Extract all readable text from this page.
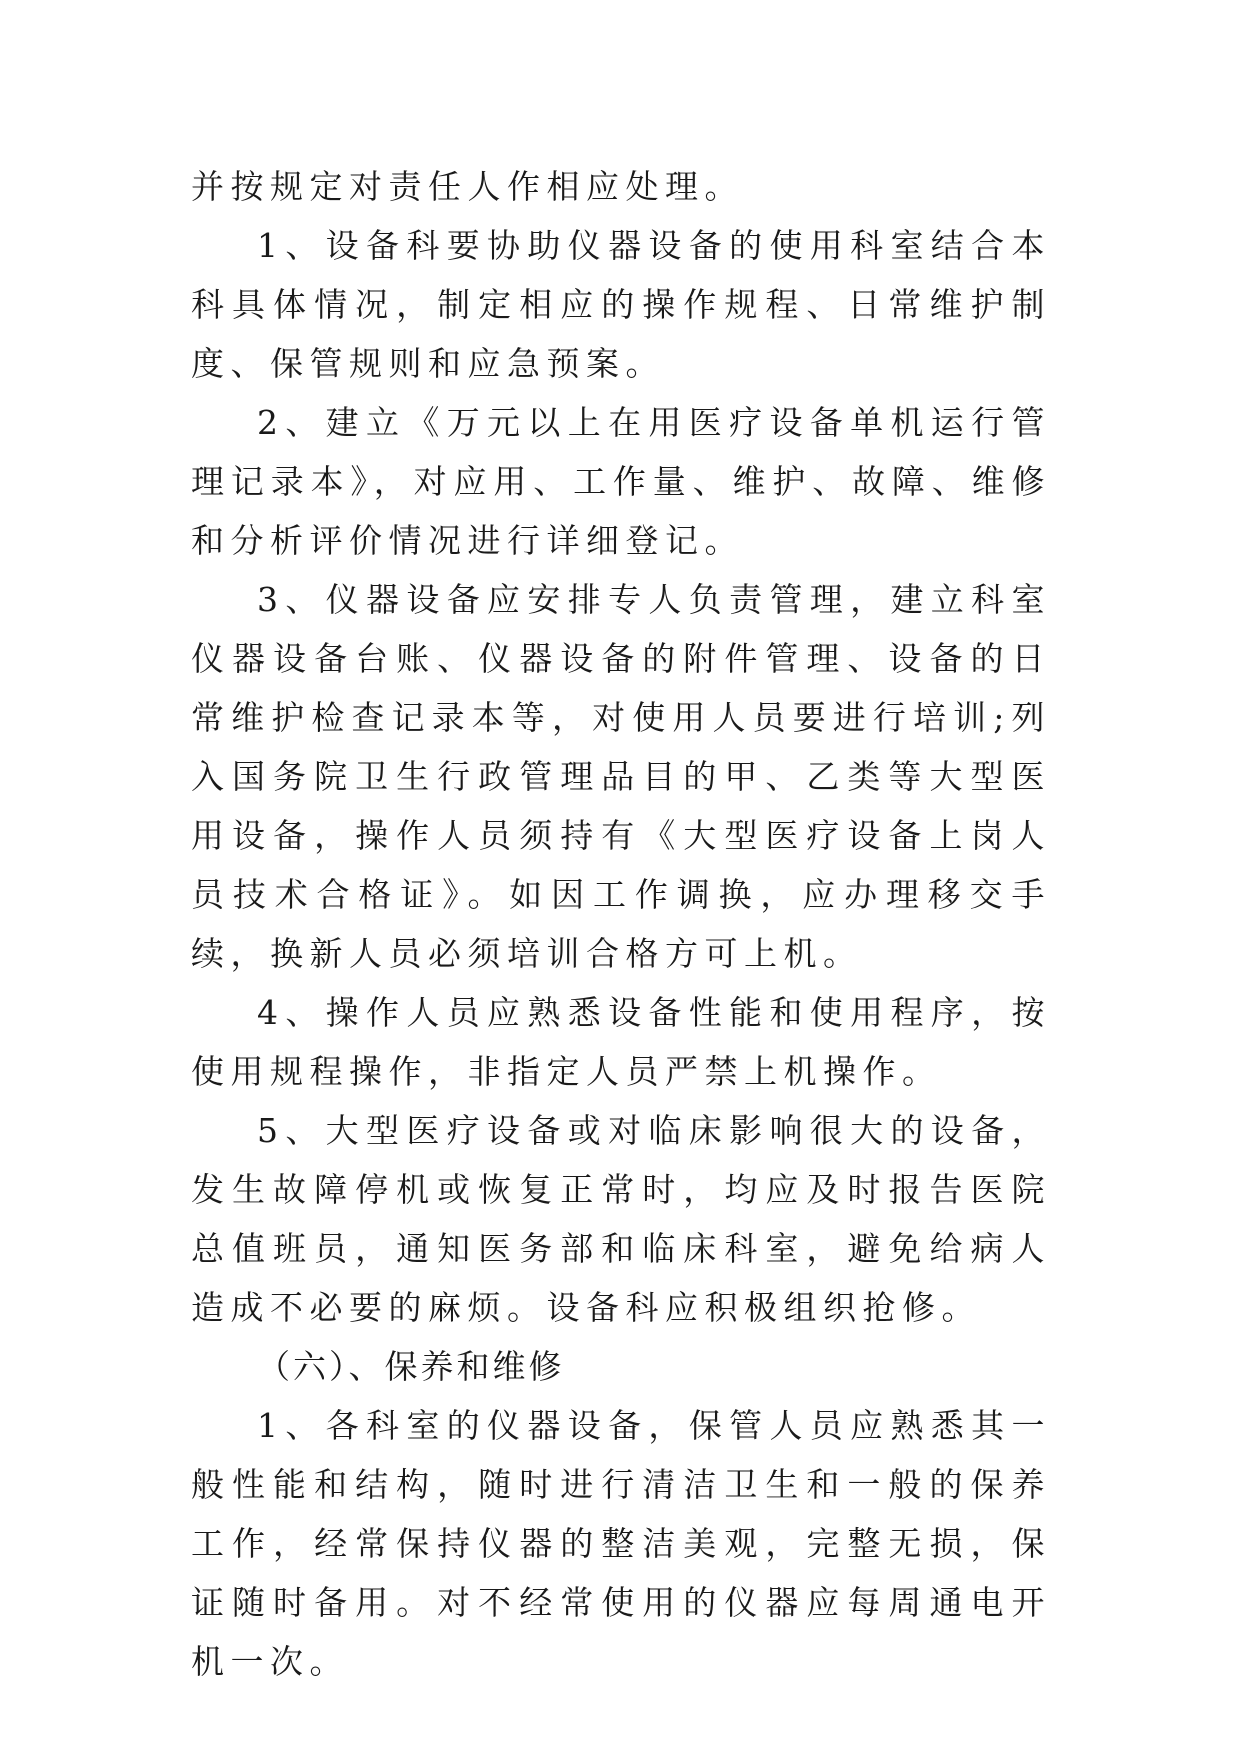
并按规定对责任人作相应处理。

1、设备科要协助仪器设备的使用科室结合本科具体情况，制定相应的操作规程、日常维护制度、保管规则和应急预案。

2、建立《万元以上在用医疗设备单机运行管理记录本》，对应用、工作量、维护、故障、维修和分析评价情况进行详细登记。

3、仪器设备应安排专人负责管理，建立科室仪器设备台账、仪器设备的附件管理、设备的日常维护检查记录本等，对使用人员要进行培训;列入国务院卫生行政管理品目的甲、乙类等大型医用设备，操作人员须持有《大型医疗设备上岗人员技术合格证》。如因工作调换，应办理移交手续，换新人员必须培训合格方可上机。

4、操作人员应熟悉设备性能和使用程序，按使用规程操作，非指定人员严禁上机操作。

5、大型医疗设备或对临床影响很大的设备，发生故障停机或恢复正常时，均应及时报告医院总值班员，通知医务部和临床科室，避免给病人造成不必要的麻烦。设备科应积极组织抢修。

（六）、保养和维修

1、各科室的仪器设备，保管人员应熟悉其一般性能和结构，随时进行清洁卫生和一般的保养工作，经常保持仪器的整洁美观，完整无损，保证随时备用。对不经常使用的仪器应每周通电开机一次。
